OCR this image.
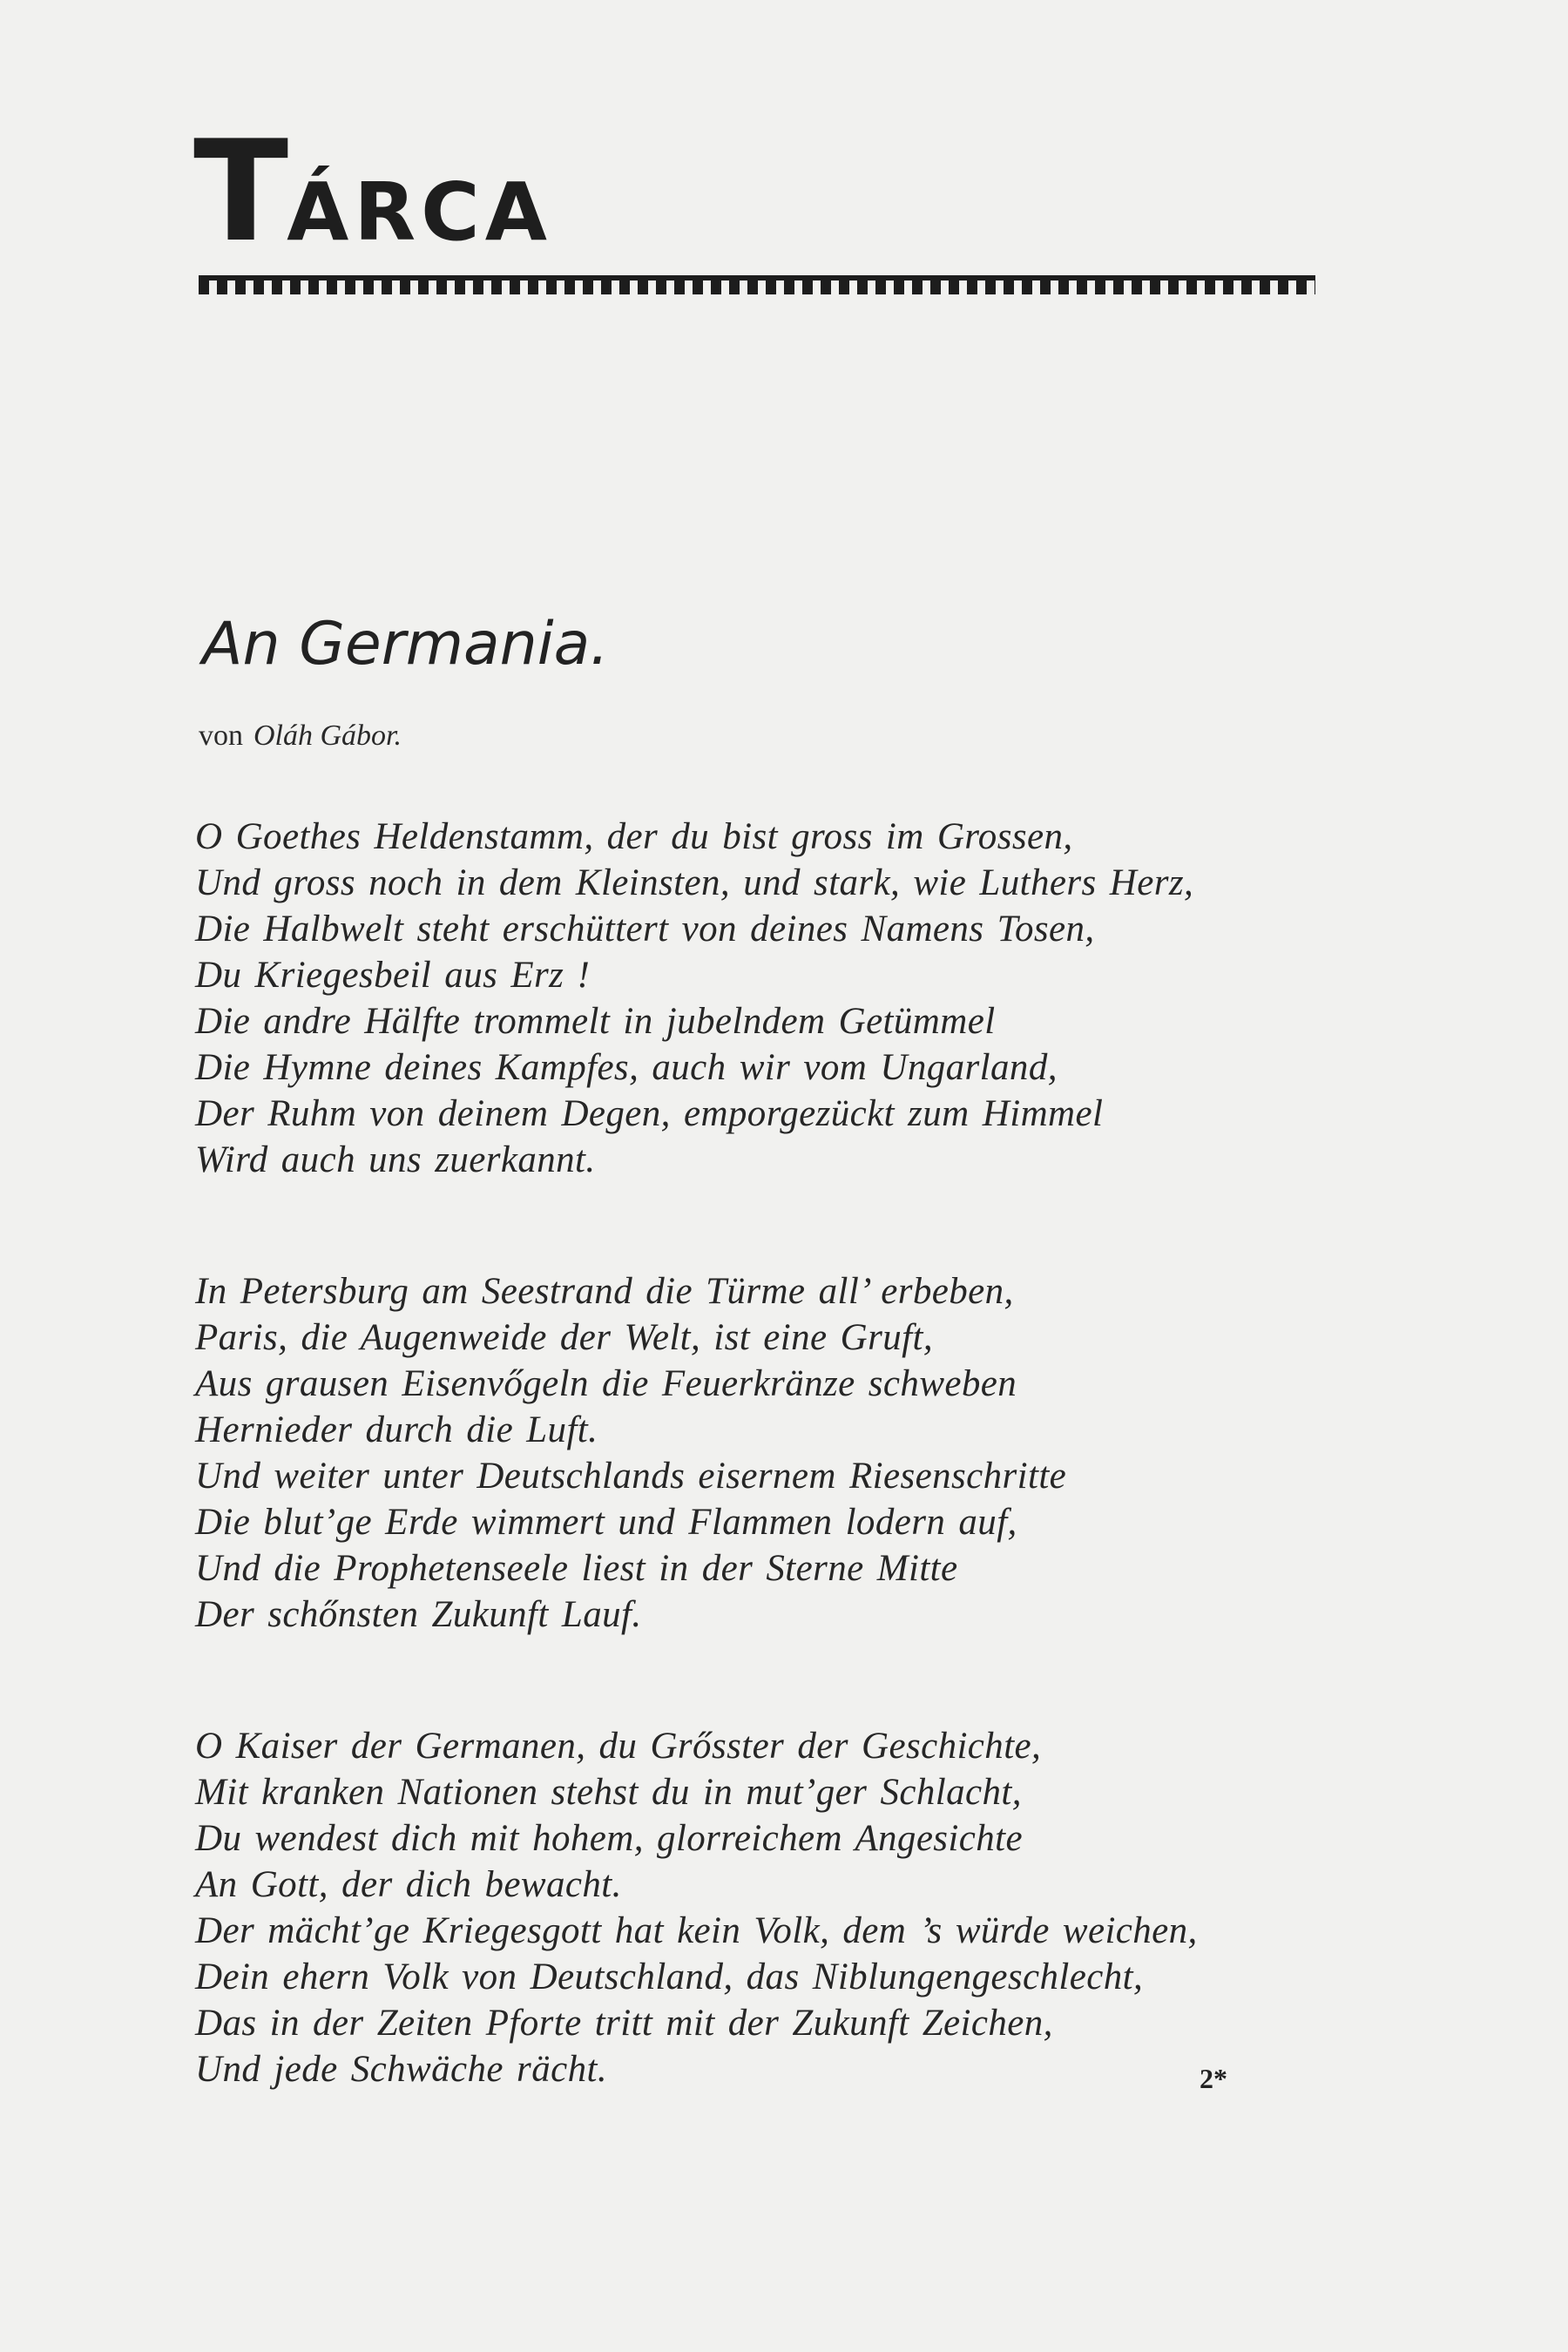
TÁRCA
An Germania.
von Oláh Gábor.
O Goethes Heldenstamm, der du bist gross im Grossen,
Und gross noch in dem Kleinsten, und stark, wie Luthers Herz,
Die Halbwelt steht erschüttert von deines Namens Tosen,
Du Kriegesbeil aus Erz !
Die andre Hälfte trommelt in jubelndem Getümmel
Die Hymne deines Kampfes, auch wir vom Ungarland,
Der Ruhm von deinem Degen, emporgezückt zum Himmel
Wird auch uns zuerkannt.
In Petersburg am Seestrand die Türme all’ erbeben,
Paris, die Augenweide der Welt, ist eine Gruft,
Aus grausen Eisenvőgeln die Feuerkränze schweben
Hernieder durch die Luft.
Und weiter unter Deutschlands eisernem Riesenschritte
Die blut’ge Erde wimmert und Flammen lodern auf,
Und die Prophetenseele liest in der Sterne Mitte
Der schőnsten Zukunft Lauf.
O Kaiser der Germanen, du Grősster der Geschichte,
Mit kranken Nationen stehst du in mut’ger Schlacht,
Du wendest dich mit hohem, glorreichem Angesichte
An Gott, der dich bewacht.
Der mächt’ge Kriegesgott hat kein Volk, dem ’s würde weichen,
Dein ehern Volk von Deutschland, das Niblungengeschlecht,
Das in der Zeiten Pforte tritt mit der Zukunft Zeichen,
Und jede Schwäche rächt.	2*
